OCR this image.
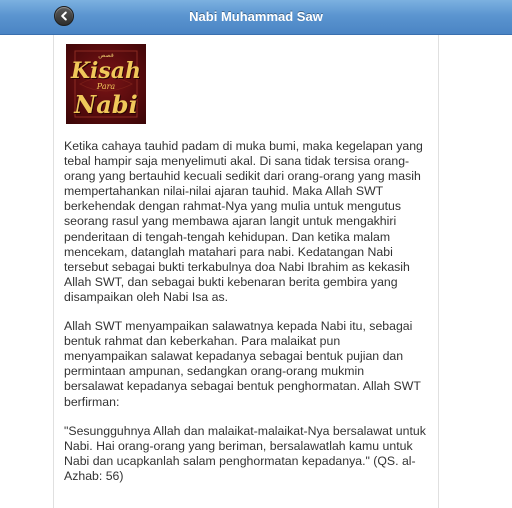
Nabi Muhammad Saw
قصص
Kisah
Para
Nabi

Ketika cahaya tauhid padam di muka bumi, maka kegelapan yang tebal hampir saja menyelimuti akal. Di sana tidak tersisa orang-orang yang bertauhid kecuali sedikit dari orang-orang yang masih mempertahankan nilai-nilai ajaran tauhid. Maka Allah SWT berkehendak dengan rahmat-Nya yang mulia untuk mengutus seorang rasul yang membawa ajaran langit untuk mengakhiri penderitaan di tengah-tengah kehidupan. Dan ketika malam mencekam, datanglah matahari para nabi. Kedatangan Nabi tersebut sebagai bukti terkabulnya doa Nabi Ibrahim as kekasih Allah SWT, dan sebagai bukti kebenaran berita gembira yang disampaikan oleh Nabi Isa as.

Allah SWT menyampaikan salawatnya kepada Nabi itu, sebagai bentuk rahmat dan keberkahan. Para malaikat pun menyampaikan salawat kepadanya sebagai bentuk pujian dan permintaan ampunan, sedangkan orang-orang mukmin bersalawat kepadanya sebagai bentuk penghormatan. Allah SWT berfirman:

"Sesungguhnya Allah dan malaikat-malaikat-Nya bersalawat untuk Nabi. Hai orang-orang yang beriman, bersalawatlah kamu untuk Nabi dan ucapkanlah salam penghormatan kepadanya." (QS. al-Azhab: 56)
